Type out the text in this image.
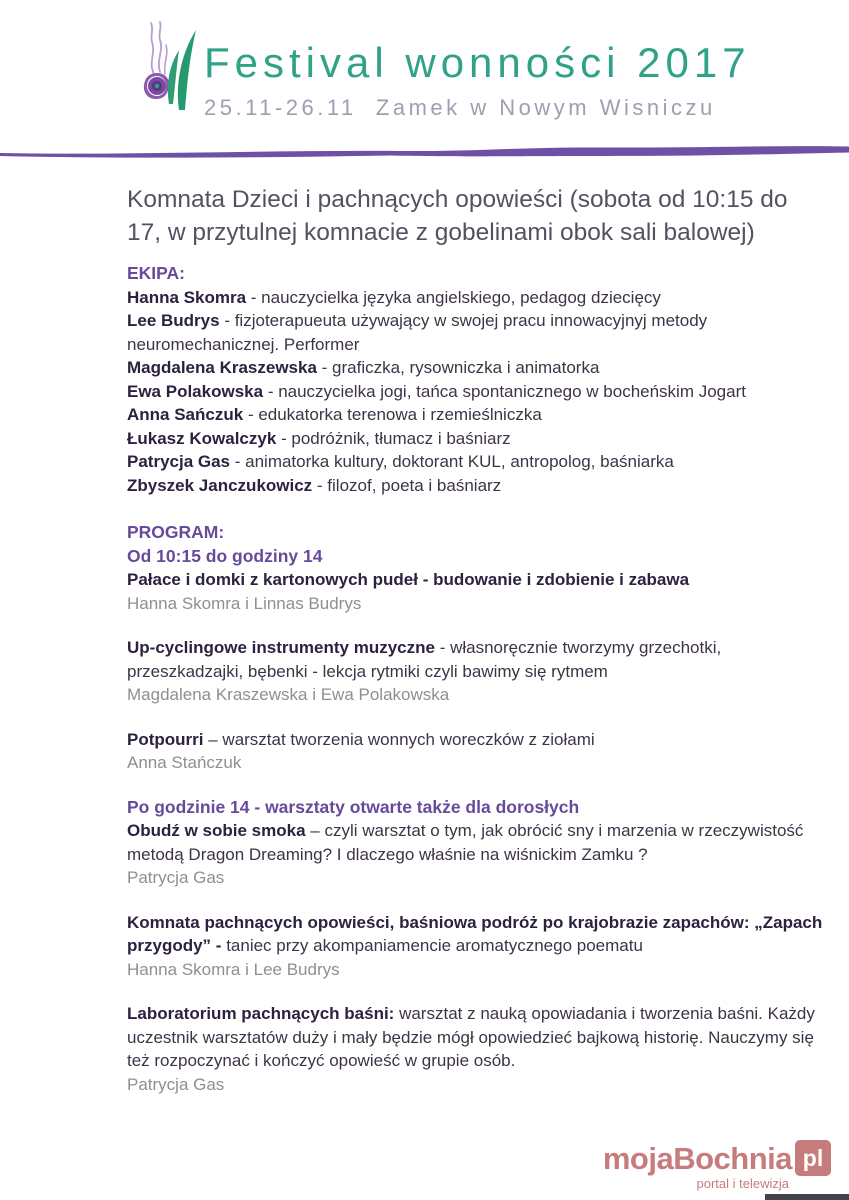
Festival wonności 2017
25.11-26.11  Zamek w Nowym Wisniczu
Komnata Dzieci i pachnących opowieści (sobota od 10:15 do 17, w przytulnej komnacie z gobelinami obok sali balowej)
EKIPA:

Hanna Skomra - nauczycielka języka angielskiego, pedagog dziecięcy

Lee Budrys - fizjoterapueuta używający w swojej pracu innowacyjnyj metody neuromechanicznej. Performer

Magdalena Kraszewska - graficzka, rysowniczka i animatorka

Ewa Polakowska - nauczycielka jogi, tańca spontanicznego w bocheńskim Jogart

Anna Sańczuk - edukatorka terenowa i rzemieślniczka

Łukasz Kowalczyk - podróżnik, tłumacz i baśniarz

Patrycja Gas - animatorka kultury, doktorant KUL, antropolog, baśniarka

Zbyszek Janczukowicz - filozof, poeta i baśniarz

PROGRAM:
Od 10:15 do godziny 14

Pałace i domki z kartonowych pudeł - budowanie i zdobienie i zabawa

Hanna Skomra i Linnas Budrys

Up-cyclingowe instrumenty muzyczne - własnoręcznie tworzymy grzechotki, przeszkadzajki, bębenki - lekcja rytmiki czyli bawimy się rytmem

Magdalena Kraszewska i Ewa Polakowska

Potpourri – warsztat tworzenia wonnych woreczków z ziołami

Anna Stańczuk

Po godzinie 14 - warsztaty otwarte także dla dorosłych

Obudź w sobie smoka – czyli warsztat o tym, jak obrócić sny i marzenia w rzeczywistość metodą Dragon Dreaming? I dlaczego właśnie na wiśnickim Zamku ?

Patrycja Gas

Komnata pachnących opowieści, baśniowa podróż po krajobrazie zapachów: „Zapach przygody” - taniec przy akompaniamencie aromatycznego poematu

Hanna Skomra i Lee Budrys

Laboratorium pachnących baśni: warsztat z nauką opowiadania i tworzenia baśni. Każdy uczestnik warsztatów duży i mały będzie mógł opowiedzieć bajkową historię. Nauczymy się też rozpoczynać i kończyć opowieść w grupie osób.

Patrycja Gas

mojaBochnia pl
portal i telewizja
